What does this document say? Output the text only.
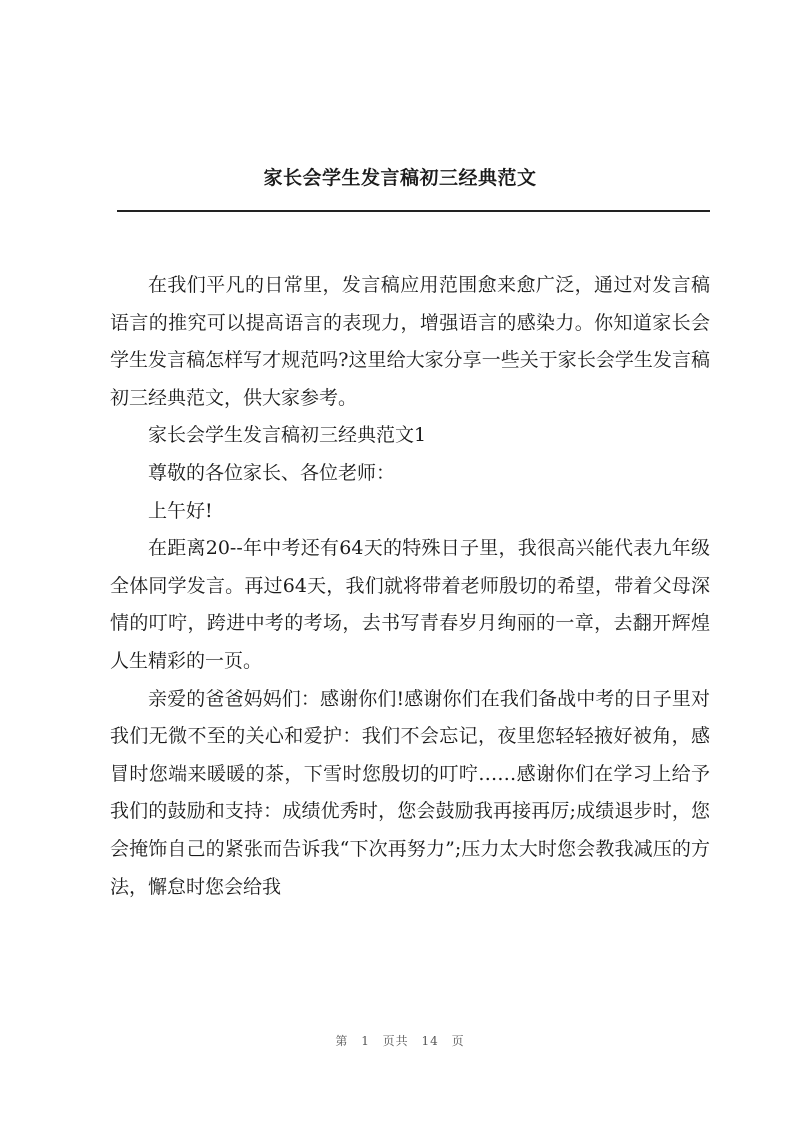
家长会学生发言稿初三经典范文

在我们平凡的日常里，发言稿应用范围愈来愈广泛，通过对发言稿语言的推究可以提高语言的表现力，增强语言的感染力。你知道家长会学生发言稿怎样写才规范吗?这里给大家分享一些关于家长会学生发言稿初三经典范文，供大家参考。

家长会学生发言稿初三经典范文1

尊敬的各位家长、各位老师：

上午好!

在距离20--年中考还有64天的特殊日子里，我很高兴能代表九年级全体同学发言。再过64天，我们就将带着老师殷切的希望，带着父母深情的叮咛，跨进中考的考场，去书写青春岁月绚丽的一章，去翻开辉煌人生精彩的一页。

亲爱的爸爸妈妈们：感谢你们!感谢你们在我们备战中考的日子里对我们无微不至的关心和爱护：我们不会忘记，夜里您轻轻掖好被角，感冒时您端来暖暖的茶，下雪时您殷切的叮咛……感谢你们在学习上给予我们的鼓励和支持：成绩优秀时，您会鼓励我再接再厉;成绩退步时，您会掩饰自己的紧张而告诉我“下次再努力”;压力太大时您会教我减压的方法，懈怠时您会给我

第 1 页共 14 页
